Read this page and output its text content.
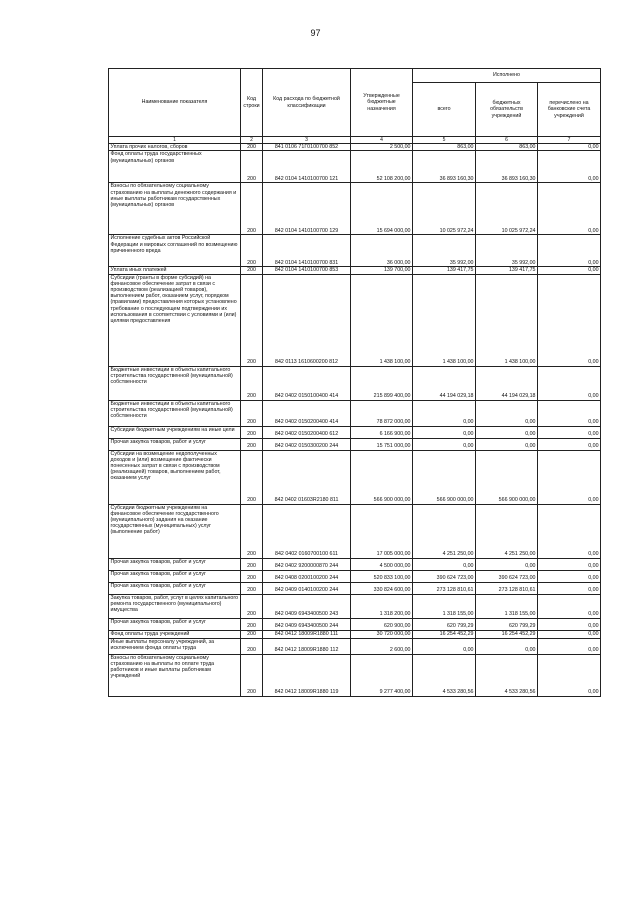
97
Наименование показателя	Код строки	Код расхода по бюджетной классификации	Утвержденные бюджетные назначения	Исполнено		
				всего	бюджетных обязательств учреждений	перечислено на банковские счета учреждений
1	2	3	4	5	6	7
Уплата прочих налогов, сборов	200	841 0106 71Г0100700 852	2 500,00	863,00	863,00	0,00
Фонд оплаты труда государственных (муниципальных) органов	200	842 0104 1410100700 121	52 108 200,00	36 893 160,30	36 893 160,30	0,00
Взносы по обязательному социальному страхованию на выплаты денежного содержания и иные выплаты работникам государственных (муниципальных) органов	200	842 0104 1410100700 129	15 694 000,00	10 025 972,24	10 025 972,24	0,00
Исполнение судебных актов Российской Федерации и мировых соглашений по возмещению причиненного вреда	200	842 0104 1410100700 831	36 000,00	35 992,00	35 992,00	0,00
Уплата иных платежей	200	842 0104 1410100700 853	139 700,00	139 417,75	139 417,75	0,00
Субсидии (гранты в форме субсидий) на финансовое обеспечение затрат в связи с производством (реализацией товаров), выполнением работ, оказанием услуг, порядком (правилами) предоставления которых установлено требование о последующем подтверждении их использования в соответствии с условиями и (или) целями предоставления	200	842 0113 1610600200 812	1 438 100,00	1 438 100,00	1 438 100,00	0,00
Бюджетные инвестиции в объекты капитального строительства государственной (муниципальной) собственности	200	842 0402 0150100400 414	215 899 400,00	44 194 029,18	44 194 029,18	0,00
Бюджетные инвестиции в объекты капитального строительства государственной (муниципальной) собственности	200	842 0402 0150200400 414	78 872 000,00	0,00	0,00	0,00
Субсидии бюджетным учреждениям на иные цели	200	842 0402 0150200400 612	6 166 900,00	0,00	0,00	0,00
Прочая закупка товаров, работ и услуг	200	842 0402 0150300200 244	15 751 000,00	0,00	0,00	0,00
Субсидии на возмещение недополученных доходов и (или) возмещение фактически понесенных затрат в связи с производством (реализацией) товаров, выполнением работ, оказанием услуг	200	842 0402 01603R2180 811	566 900 000,00	566 900 000,00	566 900 000,00	0,00
Субсидии бюджетным учреждениям на финансовое обеспечение государственного (муниципального) задания на оказание государственных (муниципальных) услуг (выполнение работ)	200	842 0402 0160700100 611	17 005 000,00	4 251 250,00	4 251 250,00	0,00
Прочая закупка товаров, работ и услуг	200	842 0402 9200000870 244	4 500 000,00	0,00	0,00	0,00
Прочая закупка товаров, работ и услуг	200	842 0408 0200100200 244	520 833 100,00	390 624 723,00	390 624 723,00	0,00
Прочая закупка товаров, работ и услуг	200	842 0409 0140100200 244	330 824 600,00	273 128 810,61	273 128 810,61	0,00
Закупка товаров, работ, услуг в целях капитального ремонта государственного (муниципального) имущества	200	842 0409 6943400500 243	1 318 200,00	1 318 155,00	1 318 155,00	0,00
Прочая закупка товаров, работ и услуг	200	842 0409 6943400500 244	620 900,00	620 799,29	620 799,29	0,00
Фонд оплаты труда учреждений	200	842 0412 18009R1880 111	30 720 000,00	16 254 452,29	16 254 452,29	0,00
Иные выплаты персоналу учреждений, за исключением фонда оплаты труда	200	842 0412 18009R1880 112	2 600,00	0,00	0,00	0,00
Взносы по обязательному социальному страхованию на выплаты по оплате труда работников и иные выплаты работникам учреждений	200	842 0412 18009R1880 119	9 277 400,00	4 533 280,56	4 533 280,56	0,00
